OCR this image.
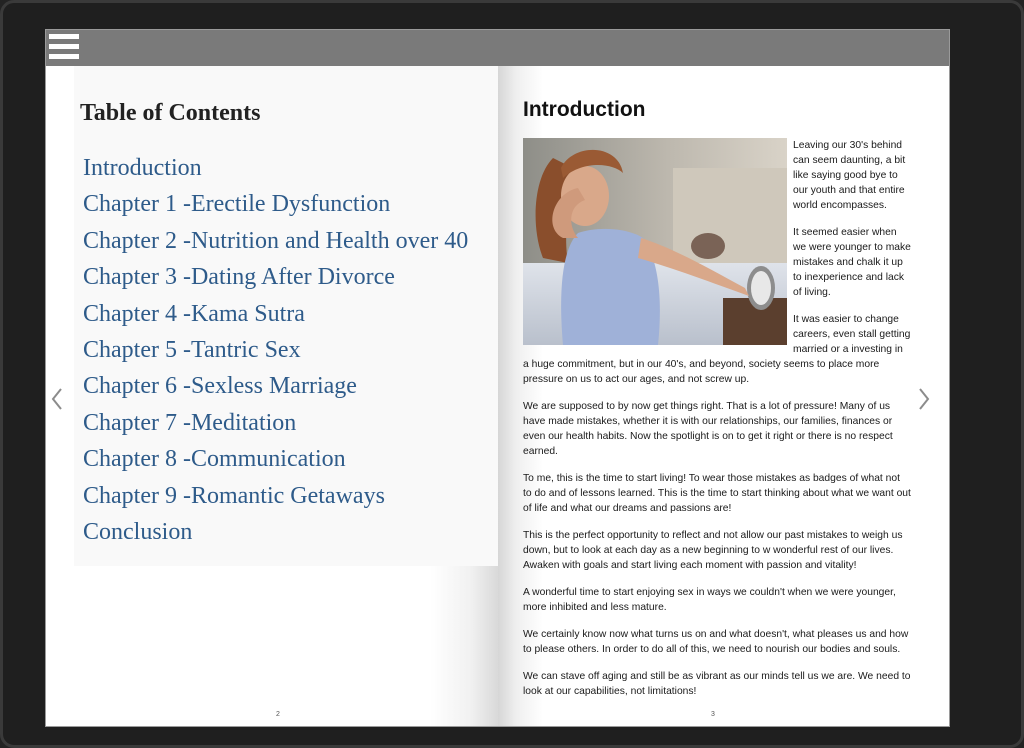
Table of Contents
Introduction
Chapter 1 -Erectile Dysfunction
Chapter 2 -Nutrition and Health over 40
Chapter 3 -Dating After Divorce
Chapter 4 -Kama Sutra
Chapter 5 -Tantric Sex
Chapter 6 -Sexless Marriage
Chapter 7 -Meditation
Chapter 8 -Communication
Chapter 9 -Romantic Getaways
Conclusion
2
Introduction

Leaving our 30's behind can seem daunting, a bit like saying good bye to our youth and that entire world encompasses.

It seemed easier when we were younger to make mistakes and chalk it up to inexperience and lack of living.

It was easier to change careers, even stall getting married or a investing in a huge commitment, but in our 40's, and beyond, society seems to place more pressure on us to act our ages, and not screw up.

We are supposed to by now get things right. That is a lot of pressure! Many of us have made mistakes, whether it is with our relationships, our families, finances or even our health habits. Now the spotlight is on to get it right or there is no respect earned.

To me, this is the time to start living! To wear those mistakes as badges of what not to do and of lessons learned. This is the time to start thinking about what we want out of life and what our dreams and passions are!

This is the perfect opportunity to reflect and not allow our past mistakes to weigh us down, but to look at each day as a new beginning to w wonderful rest of our lives. Awaken with goals and start living each moment with passion and vitality!

A wonderful time to start enjoying sex in ways we couldn't when we were younger, more inhibited and less mature.

We certainly know now what turns us on and what doesn't, what pleases us and how to please others. In order to do all of this, we need to nourish our bodies and souls.

We can stave off aging and still be as vibrant as our minds tell us we are. We need to look at our capabilities, not limitations!

3
